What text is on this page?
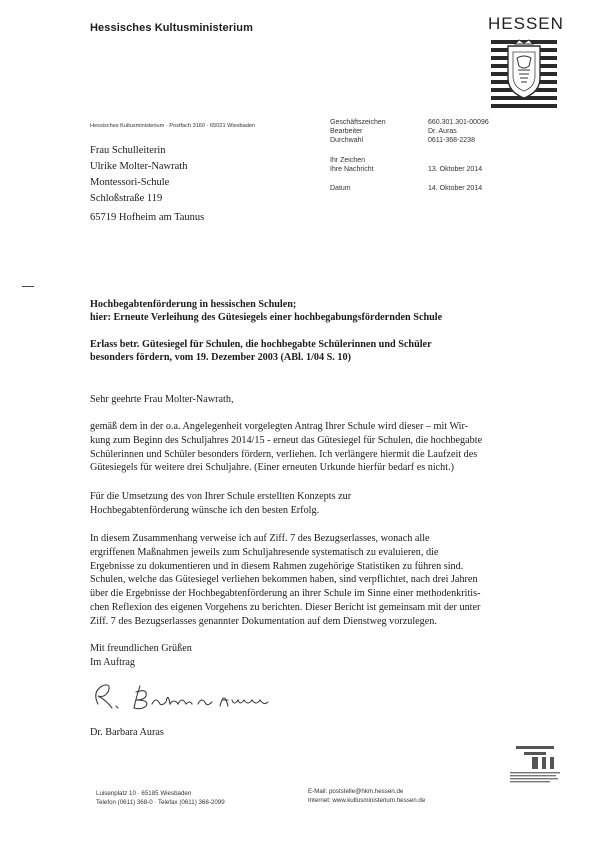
Hessisches Kultusministerium	HESSEN
Hessisches Kultusministerium · Postfach 3160 · 65021 Wiesbaden	Geschäftszeichen	660.301.301-00096
Bearbeiter	Dr. Auras
Durchwahl	0611-368-2238
Ihr Zeichen
Ihre Nachricht	13. Oktober 2014
Datum	14. Oktober 2014
Frau Schulleiterin
Ulrike Molter-Nawrath
Montessori-Schule
Schloßstraße 119
65719 Hofheim am Taunus
Hochbegabtenförderung in hessischen Schulen;
hier: Erneute Verleihung des Gütesiegels einer hochbegabungsfördernden Schule
Erlass betr. Gütesiegel für Schulen, die hochbegabte Schülerinnen und Schüler
besonders fördern, vom 19. Dezember 2003 (ABl. 1/04 S. 10)
Sehr geehrte Frau Molter-Nawrath,
gemäß dem in der o.a. Angelegenheit vorgelegten Antrag Ihrer Schule wird dieser – mit Wir-
kung zum Beginn des Schuljahres 2014/15 - erneut das Gütesiegel für Schulen, die hochbegabte
Schülerinnen und Schüler besonders fördern, verliehen. Ich verlängere hiermit die Laufzeit des
Gütesiegels für weitere drei Schuljahre. (Einer erneuten Urkunde hierfür bedarf es nicht.)
Für die Umsetzung des von Ihrer Schule erstellten Konzepts zur
Hochbegabtenförderung wünsche ich den besten Erfolg.
In diesem Zusammenhang verweise ich auf Ziff. 7 des Bezugserlasses, wonach alle
ergriffenen Maßnahmen jeweils zum Schuljahresende systematisch zu evaluieren, die
Ergebnisse zu dokumentieren und in diesem Rahmen zugehörige Statistiken zu führen sind.
Schulen, welche das Gütesiegel verliehen bekommen haben, sind verpflichtet, nach drei Jahren
über die Ergebnisse der Hochbegabtenförderung an ihrer Schule im Sinne einer methodenkritis-
chen Reflexion des eigenen Vorgehens zu berichten. Dieser Bericht ist gemeinsam mit der unter
Ziff. 7 des Bezugserlasses genannter Dokumentation auf dem Dienstweg vorzulegen.
Mit freundlichen Grüßen
Im Auftrag
Dr. Barbara Auras
Luisenplatz 10 · 65185 Wiesbaden
Telefon (0611) 368-0 · Telefax (0611) 368-2099
E-Mail: poststelle@hkm.hessen.de
Internet: www.kultusministerium.hessen.de
